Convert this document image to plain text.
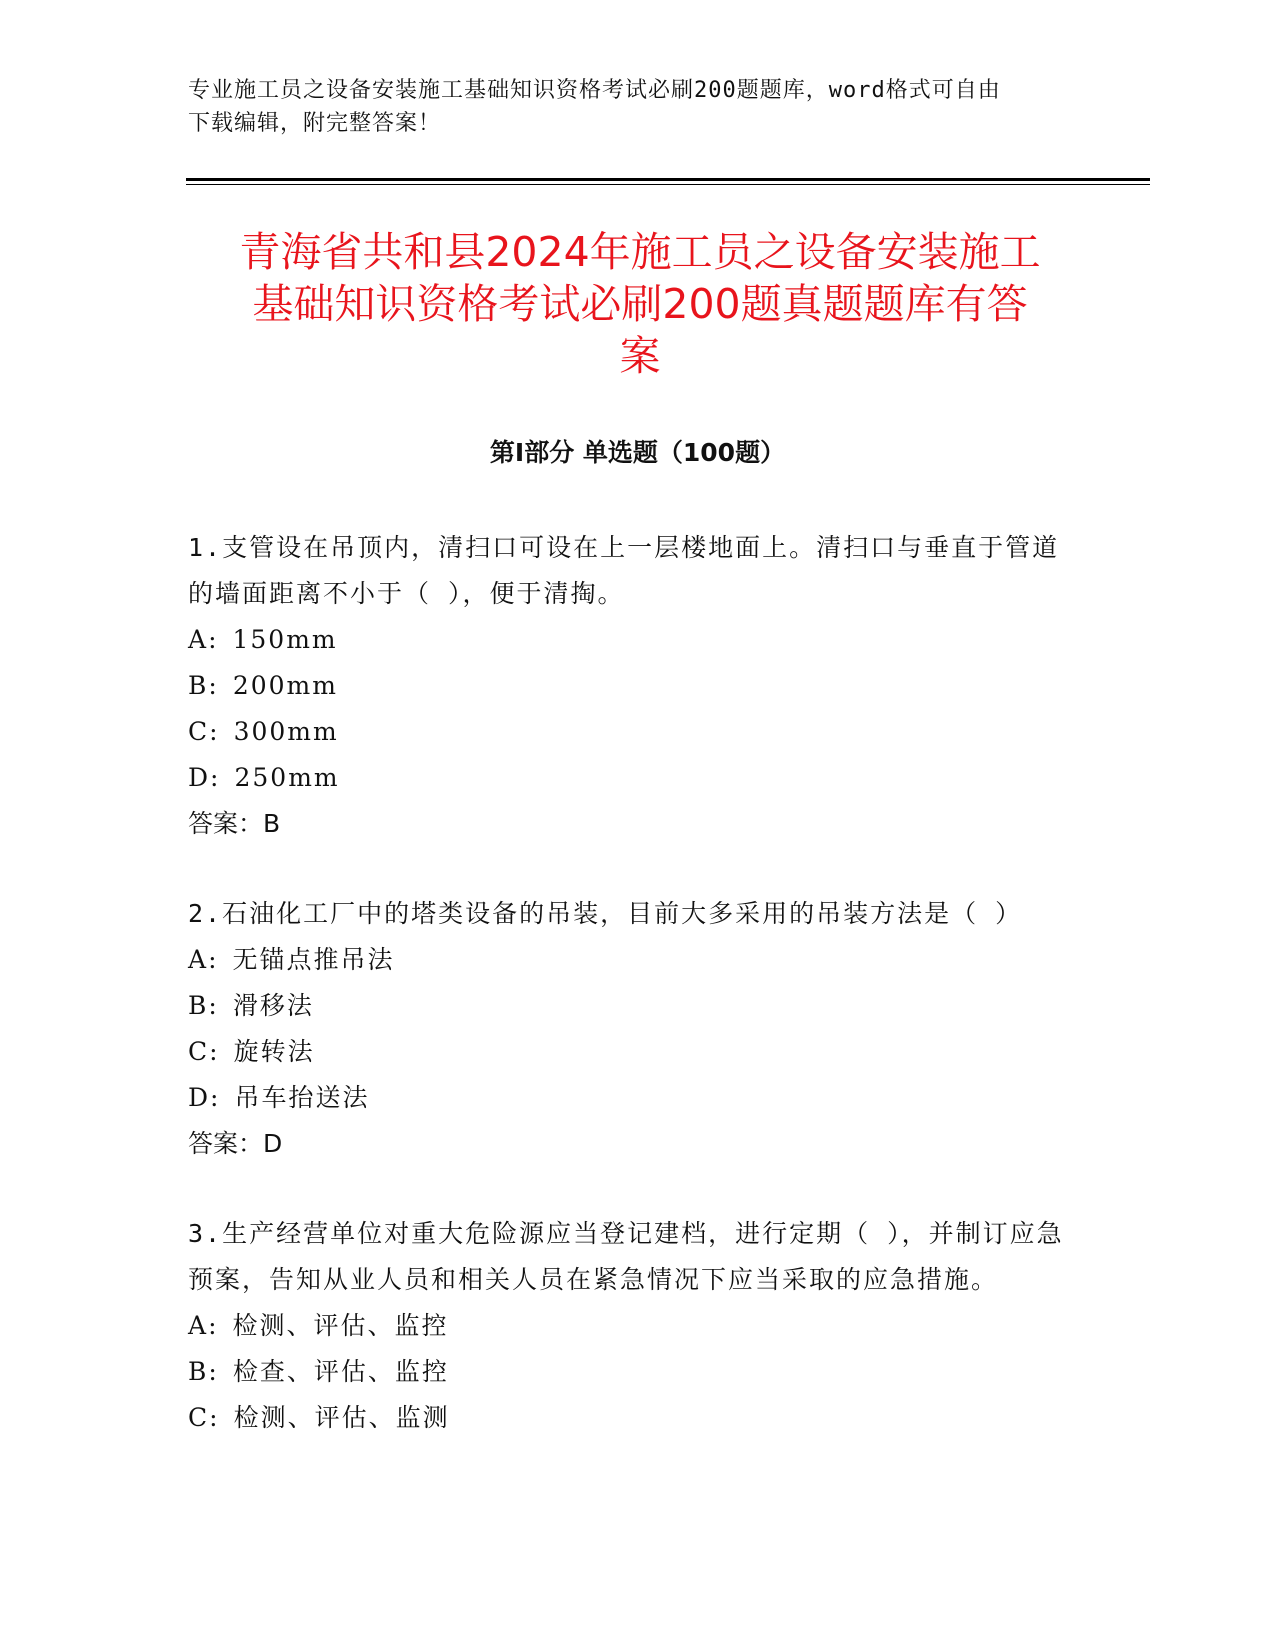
专业施工员之设备安装施工基础知识资格考试必刷200题题库，word格式可自由
下载编辑，附完整答案！
青海省共和县2024年施工员之设备安装施工
基础知识资格考试必刷200题真题题库有答
案
第Ⅰ部分 单选题（100题）
1.支管设在吊顶内，清扫口可设在上一层楼地面上。清扫口与垂直于管道的墙面距离不小于（ ），便于清掏。
A: 150mm
B: 200mm
C: 300mm
D: 250mm
答案：B
2.石油化工厂中的塔类设备的吊装，目前大多采用的吊装方法是（ ）
A: 无锚点推吊法
B: 滑移法
C: 旋转法
D: 吊车抬送法
答案：D
3.生产经营单位对重大危险源应当登记建档，进行定期（ ），并制订应急预案，告知从业人员和相关人员在紧急情况下应当采取的应急措施。
A: 检测、评估、监控
B: 检查、评估、监控
C: 检测、评估、监测
